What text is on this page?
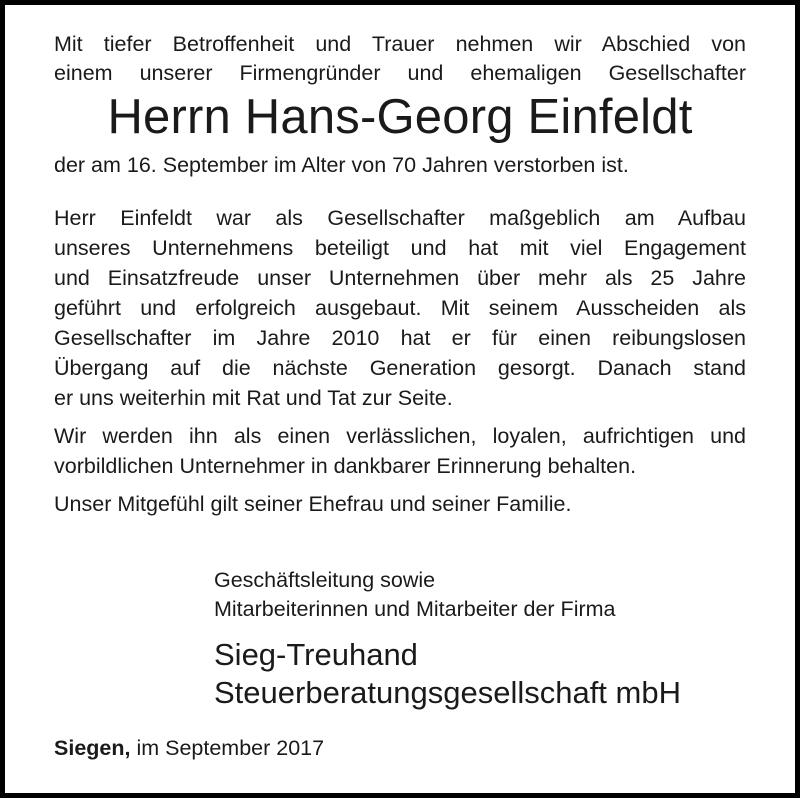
Mit tiefer Betroffenheit und Trauer nehmen wir Abschied von
einem unserer Firmengründer und ehemaligen Gesellschafter

Herrn Hans-Georg Einfeldt

der am 16. September im Alter von 70 Jahren verstorben ist.

Herr Einfeldt war als Gesellschafter maßgeblich am Aufbau
unseres Unternehmens beteiligt und hat mit viel Engagement
und Einsatzfreude unser Unternehmen über mehr als 25 Jahre
geführt und erfolgreich ausgebaut. Mit seinem Ausscheiden als
Gesellschafter im Jahre 2010 hat er für einen reibungslosen
Übergang auf die nächste Generation gesorgt. Danach stand
er uns weiterhin mit Rat und Tat zur Seite.

Wir werden ihn als einen verlässlichen, loyalen, aufrichtigen und
vorbildlichen Unternehmer in dankbarer Erinnerung behalten.

Unser Mitgefühl gilt seiner Ehefrau und seiner Familie.

Geschäftsleitung sowie
Mitarbeiterinnen und Mitarbeiter der Firma
Sieg-Treuhand
Steuerberatungsgesellschaft mbH
Siegen, im September 2017
